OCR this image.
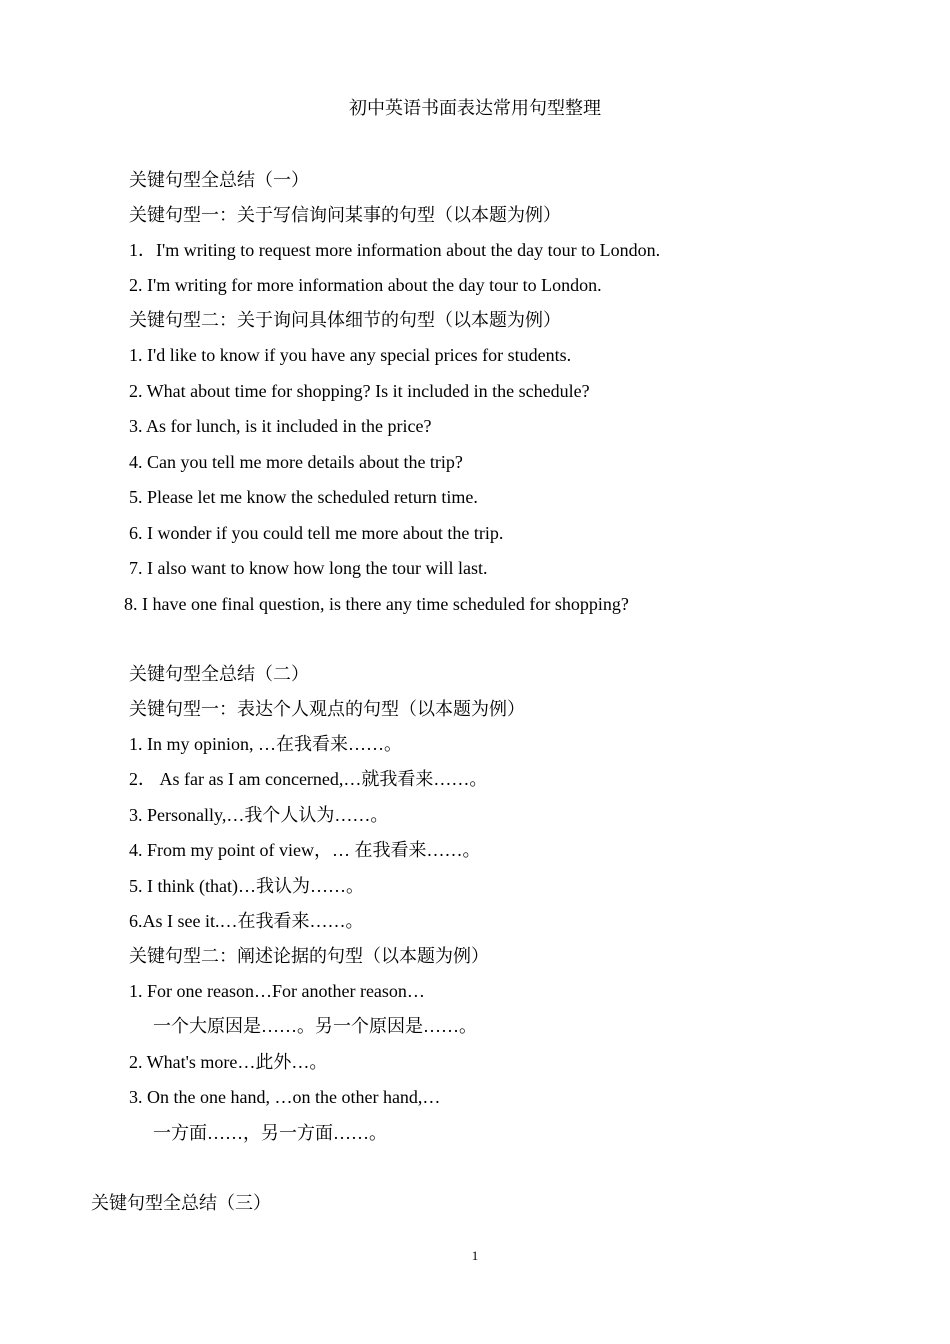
初中英语书面表达常用句型整理
关键句型全总结（一）
关键句型一：关于写信询问某事的句型（以本题为例）
1．I'm writing to request more information about the day tour to London.
2. I'm writing for more information about the day tour to London.
关键句型二：关于询问具体细节的句型（以本题为例）
1. I'd like to know if you have any special prices for students.
2. What about time for shopping? Is it included in the schedule?
3. As for lunch, is it included in the price?
4. Can you tell me more details about the trip?
5. Please let me know the scheduled return time.
6. I wonder if you could tell me more about the trip.
7. I also want to know how long the tour will last.
8. I have one final question, is there any time scheduled for shopping?
关键句型全总结（二）
关键句型一：表达个人观点的句型（以本题为例）
1. In my opinion, …在我看来……。
2． As far as I am concerned,…就我看来……。
3. Personally,…我个人认为……。
4. From my point of view，… 在我看来……。
5. I think (that)…我认为……。
6.As I see it.…在我看来……。
关键句型二：阐述论据的句型（以本题为例）
1. For one reason…For another reason…
一个大原因是……。另一个原因是……。
2. What's more…此外…。
3. On the one hand, …on the other hand,…
一方面……，另一方面……。
关键句型全总结（三）
1
